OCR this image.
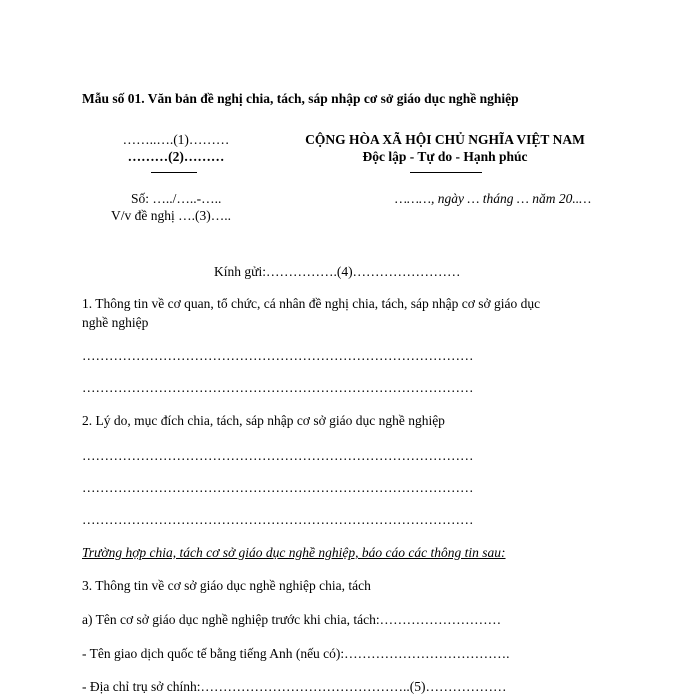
Mẫu số 01. Văn bản đề nghị chia, tách, sáp nhập cơ sở giáo dục nghề nghiệp
……..….(1)………
………(2)………
CỘNG HÒA XÃ HỘI CHỦ NGHĨA VIỆT NAM
Độc lập - Tự do - Hạnh phúc
Số: …../…..-…..
V/v đề nghị ….(3)…..
………, ngày … tháng … năm 20..…
Kính gửi:…………….(4)……………………
1. Thông tin về cơ quan, tổ chức, cá nhân đề nghị chia, tách, sáp nhập cơ sở giáo dục
nghề nghiệp
……………………………………………………………………………
……………………………………………………………………………
2. Lý do, mục đích chia, tách, sáp nhập cơ sở giáo dục nghề nghiệp
……………………………………………………………………………
……………………………………………………………………………
……………………………………………………………………………
Trường hợp chia, tách cơ sở giáo dục nghề nghiệp, báo cáo các thông tin sau:
3. Thông tin về cơ sở giáo dục nghề nghiệp chia, tách
a) Tên cơ sở giáo dục nghề nghiệp trước khi chia, tách:………………………
- Tên giao dịch quốc tế bằng tiếng Anh (nếu có):……………………………….
- Địa chỉ trụ sở chính:………………………………………..(5)………………
